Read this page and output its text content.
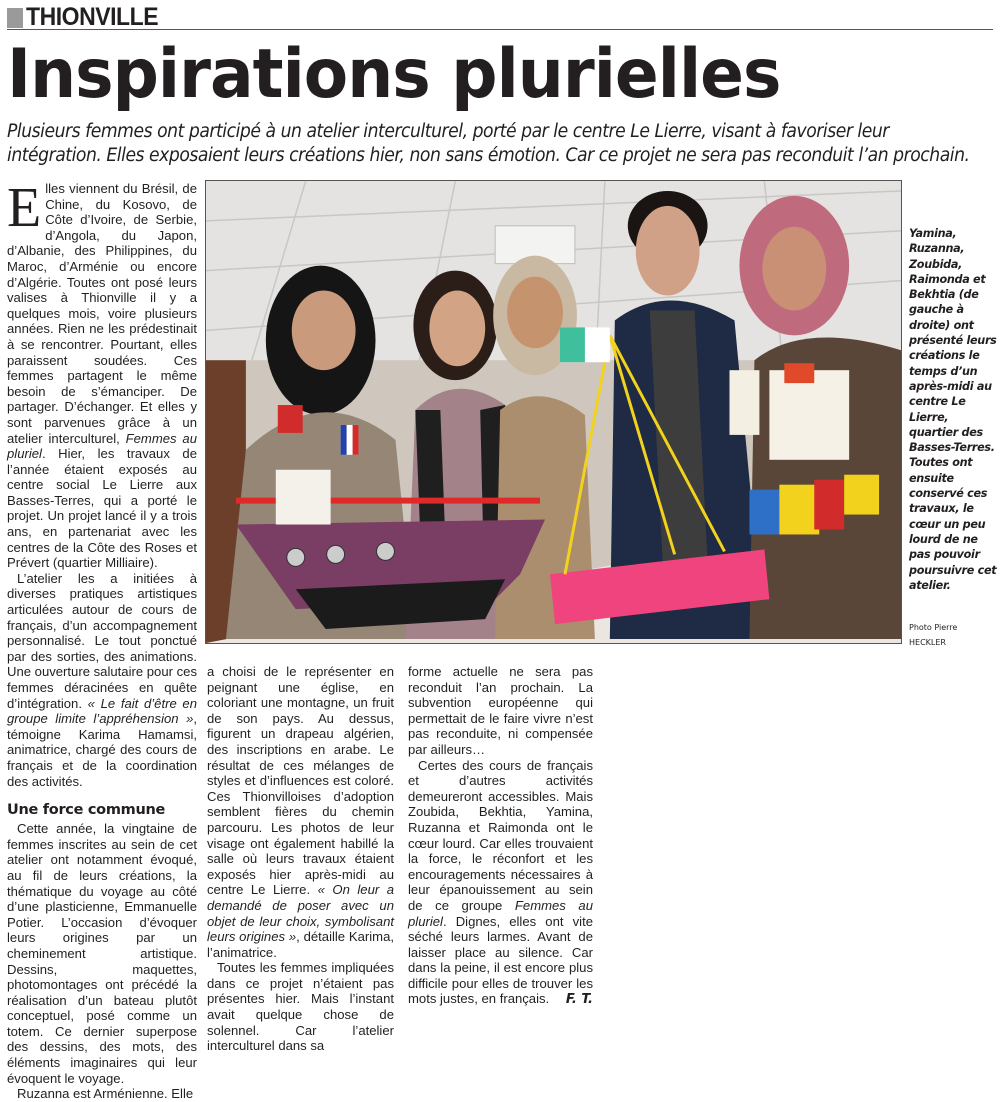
THIONVILLE
Inspirations plurielles
Plusieurs femmes ont participé à un atelier interculturel, porté par le centre Le Lierre, visant à favoriser leur
intégration. Elles exposaient leurs créations hier, non sans émotion. Car ce projet ne sera pas reconduit l’an prochain.

Elles viennent du Brésil, de Chine, du Kosovo, de Côte d’Ivoire, de Serbie, d’Angola, du Japon, d’Albanie, des Philippines, du Maroc, d’Arménie ou encore d’Algérie. Toutes ont posé leurs valises à Thionville il y a quelques mois, voire plusieurs années. Rien ne les prédestinait à se rencontrer. Pourtant, elles paraissent soudées. Ces femmes partagent le même besoin de s’émanciper. De partager. D’échanger. Et elles y sont parvenues grâce à un atelier interculturel, Femmes au pluriel. Hier, les travaux de l’année étaient exposés au centre social Le Lierre aux Basses-Terres, qui a porté le projet. Un projet lancé il y a trois ans, en partenariat avec les centres de la Côte des Roses et Prévert (quartier Milliaire).

L’atelier les a initiées à diverses pratiques artistiques articulées autour de cours de français, d’un accompagnement personnalisé. Le tout ponctué par des sorties, des animations. Une ouverture salutaire pour ces femmes déracinées en quête d’intégration. « Le fait d’être en groupe limite l’appréhension », témoigne Karima Hamamsi, animatrice, chargé des cours de français et de la coordination des activités.

Une force commune

Cette année, la vingtaine de femmes inscrites au sein de cet atelier ont notamment évoqué, au fil de leurs créations, la thématique du voyage au côté d’une plasticienne, Emmanuelle Potier. L’occasion d’évoquer leurs origines par un cheminement artistique. Dessins, maquettes, photomontages ont précédé la réalisation d’un bateau plutôt conceptuel, posé comme un totem. Ce dernier superpose des dessins, des mots, des éléments imaginaires qui leur évoquent le voyage.

Ruzanna est Arménienne. Elle

Yamina, Ruzanna, Zoubida, Raimonda et Bekhtia (de gauche à droite) ont présenté leurs créations le temps d’un après-midi au centre Le Lierre, quartier des Basses-Terres. Toutes ont ensuite conservé ces travaux, le cœur un peu lourd de ne pas pouvoir poursuivre cet atelier.
Photo Pierre
HECKLER

a choisi de le représenter en peignant une église, en coloriant une montagne, un fruit de son pays. Au dessus, figurent un drapeau algérien, des inscriptions en arabe. Le résultat de ces mélanges de styles et d’influences est coloré. Ces Thionvilloises d’adoption semblent fières du chemin parcouru. Les photos de leur visage ont également habillé la salle où leurs travaux étaient exposés hier après-midi au centre Le Lierre. « On leur a demandé de poser avec un objet de leur choix, symbolisant leurs origines », détaille Karima, l’animatrice.

Toutes les femmes impliquées dans ce projet n’étaient pas présentes hier. Mais l’instant avait quelque chose de solennel. Car l’atelier interculturel dans sa

forme actuelle ne sera pas reconduit l’an prochain. La subvention européenne qui permettait de le faire vivre n’est pas reconduite, ni compensée par ailleurs…

Certes des cours de français et d’autres activités demeureront accessibles. Mais Zoubida, Bekhtia, Yamina, Ruzanna et Raimonda ont le cœur lourd. Car elles trouvaient la force, le réconfort et les encouragements nécessaires à leur épanouissement au sein de ce groupe Femmes au pluriel. Dignes, elles ont vite séché leurs larmes. Avant de laisser place au silence. Car dans la peine, il est encore plus difficile pour elles de trouver les mots justes, en français.	F. T.
